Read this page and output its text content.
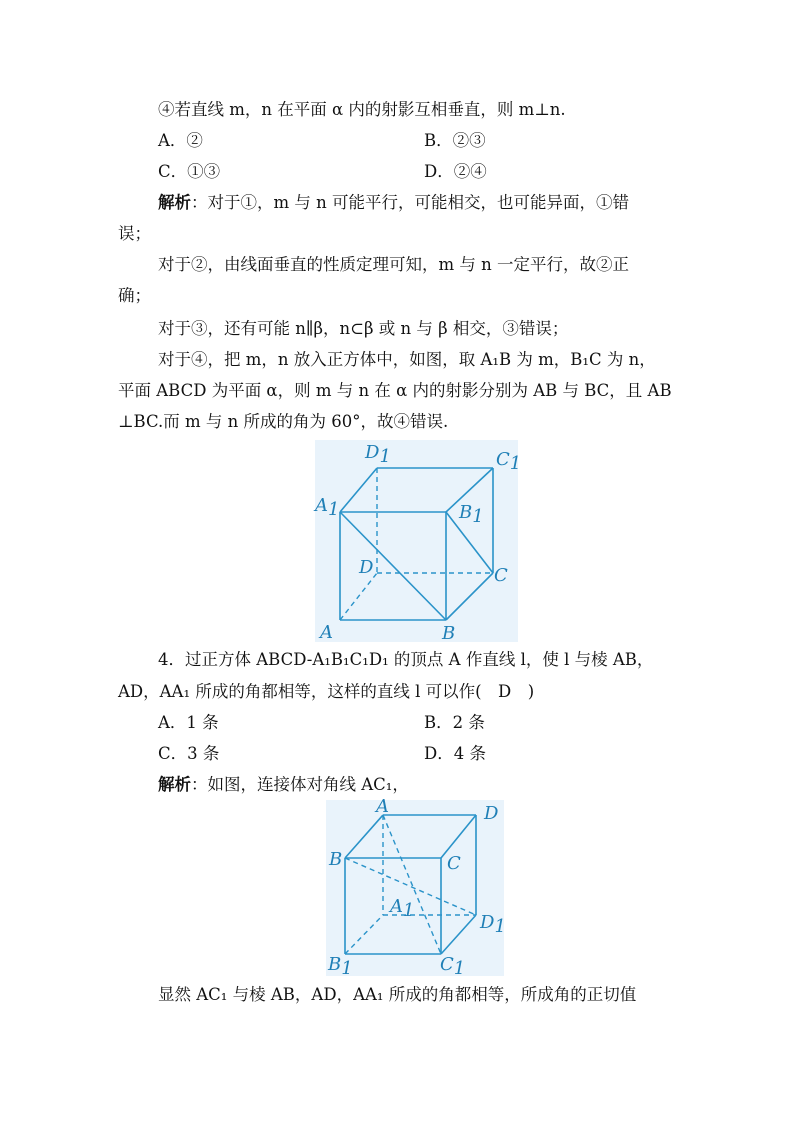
④若直线 m，n 在平面 α 内的射影互相垂直，则 m⊥n.
A．②	B．②③
C．①③	D．②④
解析：对于①，m 与 n 可能平行，可能相交，也可能异面，①错
误；
对于②，由线面垂直的性质定理可知，m 与 n 一定平行，故②正
确；
对于③，还有可能 n∥β，n⊂β 或 n 与 β 相交，③错误；
对于④，把 m，n 放入正方体中，如图，取 A₁B 为 m，B₁C 为 n，
平面 ABCD 为平面 α，则 m 与 n 在 α 内的射影分别为 AB 与 BC，且 AB
⊥BC.而 m 与 n 所成的角为 60°，故④错误.
D1	C1
A1	B1
D	C
A	B
4．过正方体 ABCD-A₁B₁C₁D₁ 的顶点 A 作直线 l，使 l 与棱 AB，
AD，AA₁ 所成的角都相等，这样的直线 l 可以作(　D　)
A．1 条	B．2 条
C．3 条	D．4 条
解析：如图，连接体对角线 AC₁，
A	D
B	C
A1
D1
B1	C1
显然 AC₁ 与棱 AB，AD，AA₁ 所成的角都相等，所成角的正切值
